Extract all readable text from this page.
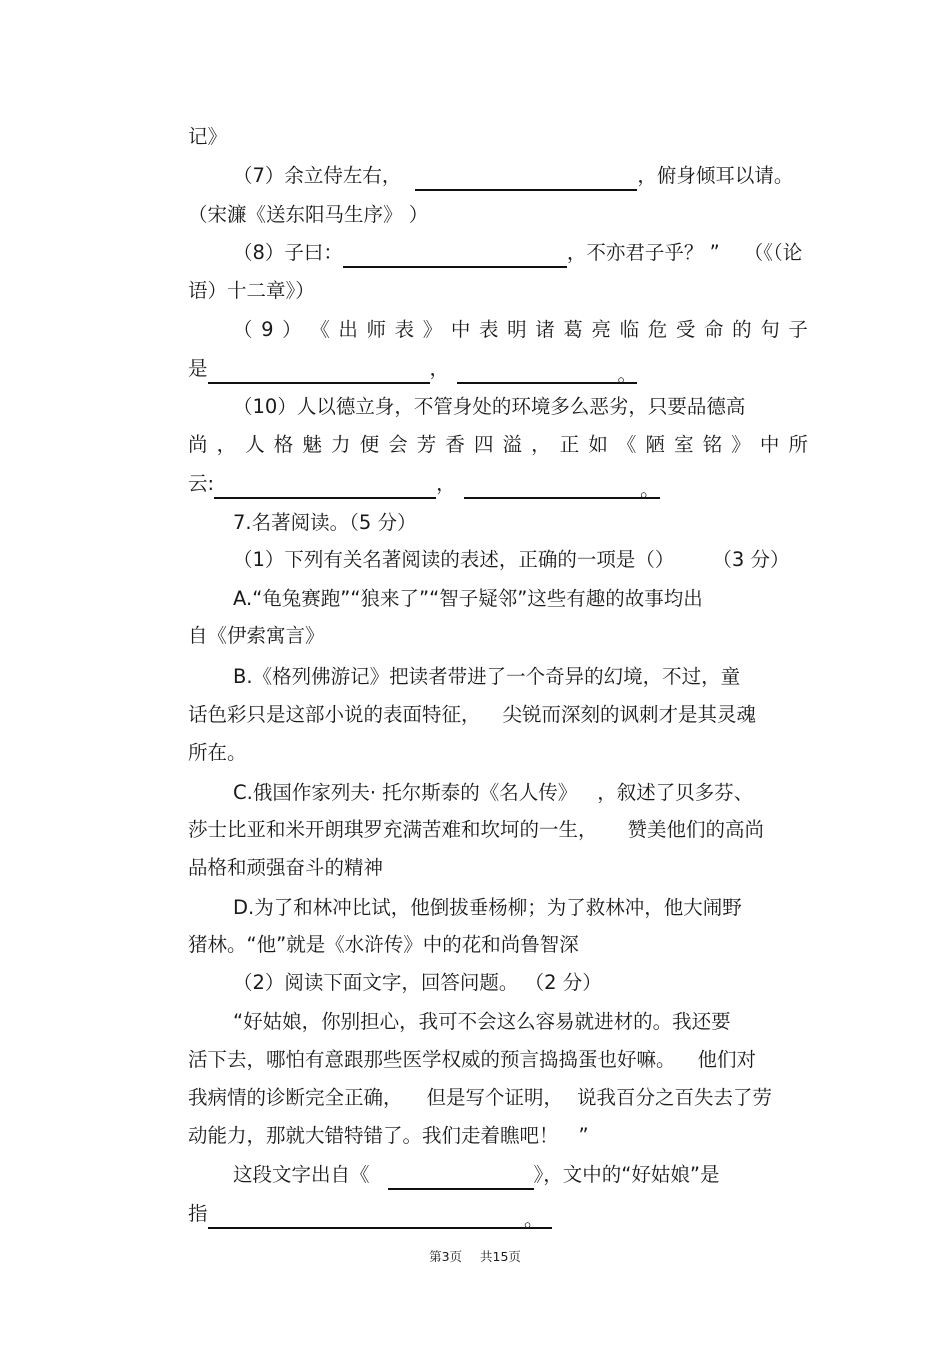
记》
（7）余立侍左右，	，俯身倾耳以请。
（宋濂《送东阳马生序》 ）
（8）子曰：	，不亦君子乎？ ” （《（论
语）十二章》）
（ 9 ） 《 出 师 表 》 中 表 明 诸 葛 亮 临 危 受 命 的 句 子
是	，	。
（10）人以德立身，不管身处的环境多么恶劣，只要品德高
尚 ， 人 格 魅 力 便 会 芳 香 四 溢 ， 正 如 《 陋 室 铭 》 中 所
云:	，	。
7.名著阅读。（5 分）
（1）下列有关名著阅读的表述，正确的一项是（） （3 分）
A.“龟兔赛跑”“狼来了”“智子疑邻”这些有趣的故事均出
自《伊索寓言》
B.《格列佛游记》把读者带进了一个奇异的幻境，不过，童
话色彩只是这部小说的表面特征， 尖锐而深刻的讽刺才是其灵魂
所在。
C.俄国作家列夫· 托尔斯泰的《名人传》 ，叙述了贝多芬、
莎士比亚和米开朗琪罗充满苦难和坎坷的一生， 赞美他们的高尚
品格和顽强奋斗的精神
D.为了和林冲比试，他倒拔垂杨柳；为了救林冲，他大闹野
猪林。“他”就是《水浒传》中的花和尚鲁智深
（2）阅读下面文字，回答问题。 （2 分）
“好姑娘，你别担心，我可不会这么容易就进材的。我还要
活下去，哪怕有意跟那些医学权威的预言捣捣蛋也好嘛。 他们对
我病情的诊断完全正确， 但是写个证明， 说我百分之百失去了劳
动能力，那就大错特错了。我们走着瞧吧！ ”
这段文字出自《	》，文中的“好姑娘”是
指	。
第3页 共15页
